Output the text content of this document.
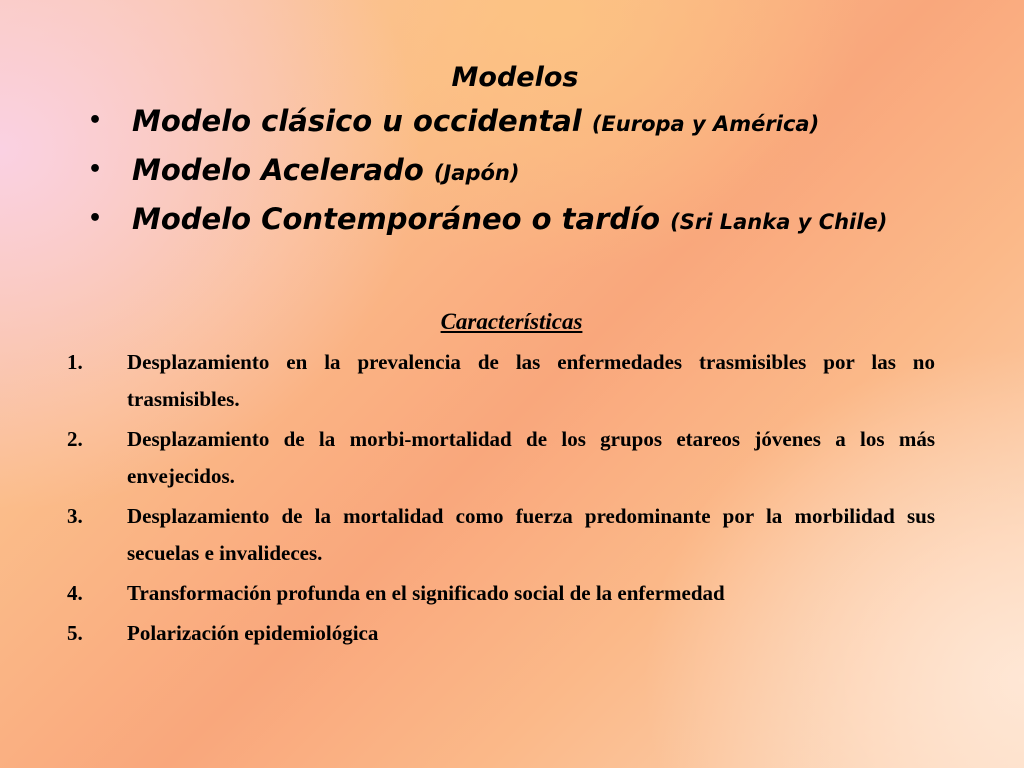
Modelos

• Modelo clásico u occidental (Europa y América)
• Modelo Acelerado (Japón)
• Modelo Contemporáneo o tardío (Sri Lanka y Chile)

Características

1. Desplazamiento en la prevalencia de las enfermedades trasmisibles por las no trasmisibles.
2. Desplazamiento de la morbi-mortalidad de los grupos etareos jóvenes a los más envejecidos.
3. Desplazamiento de la mortalidad como fuerza predominante por la morbilidad sus secuelas e invalideces.
4. Transformación profunda en el significado social de la enfermedad
5. Polarización epidemiológica
